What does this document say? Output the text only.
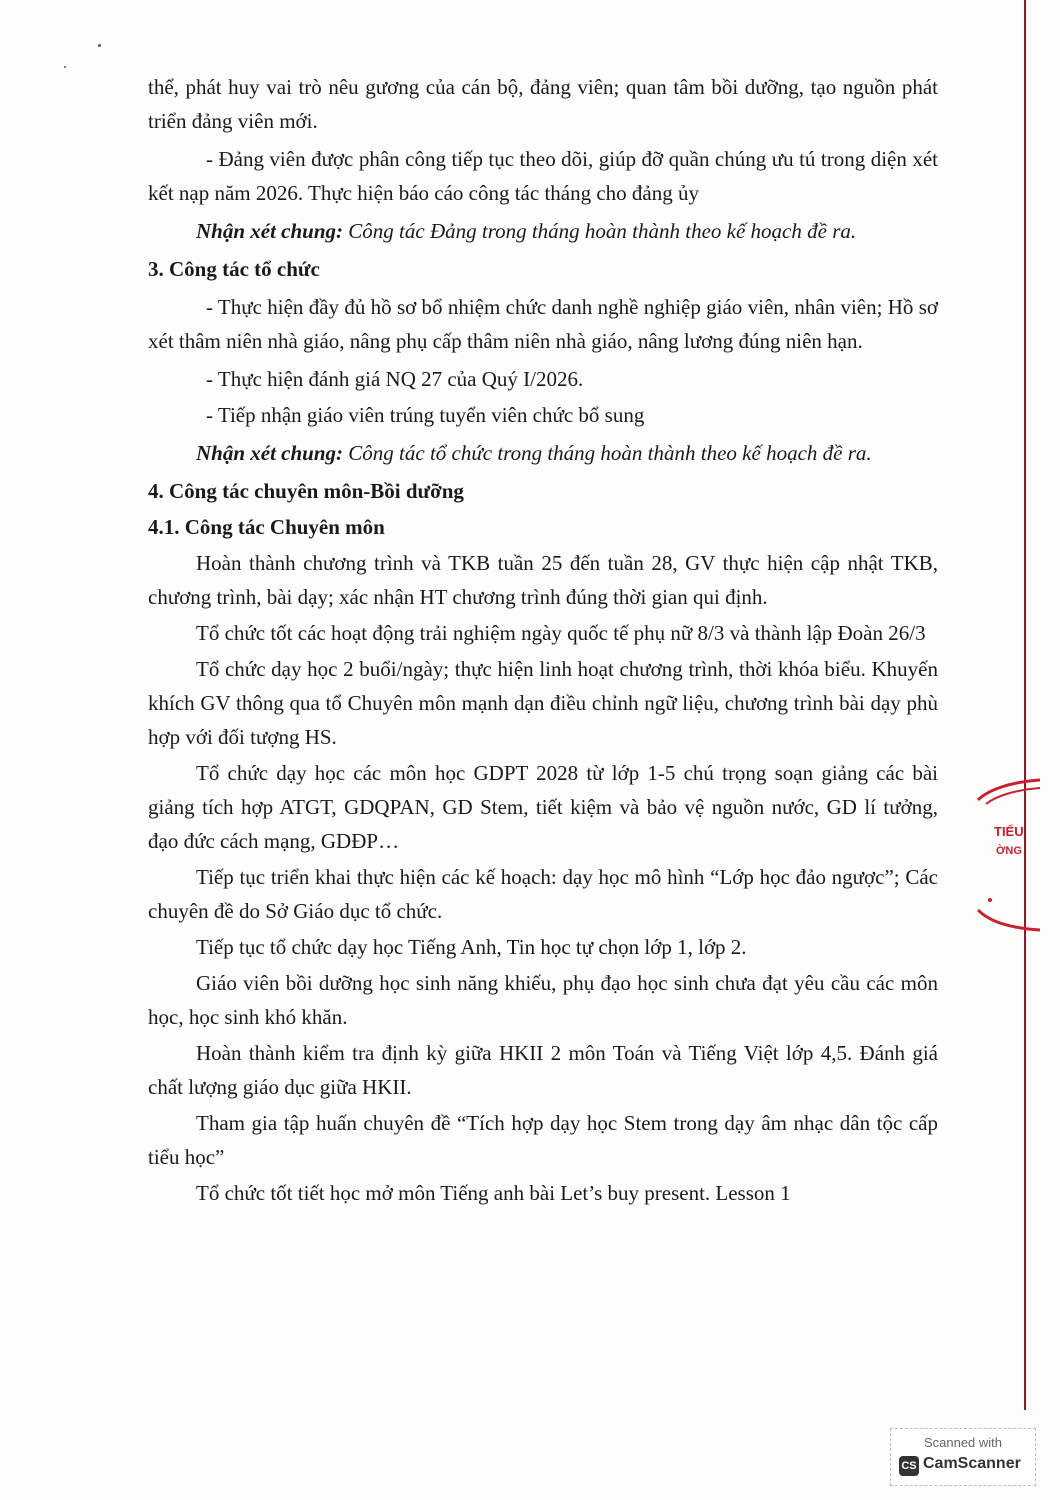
thể, phát huy vai trò nêu gương của cán bộ, đảng viên; quan tâm bồi dưỡng, tạo nguồn phát triển đảng viên mới.

- Đảng viên được phân công tiếp tục theo dõi, giúp đỡ quần chúng ưu tú trong diện xét kết nạp năm 2026. Thực hiện báo cáo công tác tháng cho đảng ủy

Nhận xét chung: Công tác Đảng trong tháng hoàn thành theo kế hoạch đề ra.

3. Công tác tổ chức

- Thực hiện đầy đủ hồ sơ bổ nhiệm chức danh nghề nghiệp giáo viên, nhân viên; Hồ sơ xét thâm niên nhà giáo, nâng phụ cấp thâm niên nhà giáo, nâng lương đúng niên hạn.

- Thực hiện đánh giá NQ 27 của Quý I/2026.

- Tiếp nhận giáo viên trúng tuyển viên chức bổ sung

Nhận xét chung: Công tác tổ chức trong tháng hoàn thành theo kế hoạch đề ra.

4. Công tác chuyên môn-Bồi dưỡng

4.1. Công tác Chuyên môn

Hoàn thành chương trình và TKB tuần 25 đến tuần 28, GV thực hiện cập nhật TKB, chương trình, bài dạy; xác nhận HT chương trình đúng thời gian qui định.

Tổ chức tốt các hoạt động trải nghiệm ngày quốc tế phụ nữ 8/3 và thành lập Đoàn 26/3

Tổ chức dạy học 2 buổi/ngày; thực hiện linh hoạt chương trình, thời khóa biểu. Khuyến khích GV thông qua tổ Chuyên môn mạnh dạn điều chỉnh ngữ liệu, chương trình bài dạy phù hợp với đối tượng HS.

Tổ chức dạy học các môn học GDPT 2028 từ lớp 1-5 chú trọng soạn giảng các bài giảng tích hợp ATGT, GDQPAN, GD Stem, tiết kiệm và bảo vệ nguồn nước, GD lí tưởng, đạo đức cách mạng, GDĐP…

Tiếp tục triển khai thực hiện các kế hoạch: dạy học mô hình “Lớp học đảo ngược”; Các chuyên đề do Sở Giáo dục tổ chức.

Tiếp tục tổ chức dạy học Tiếng Anh, Tin học tự chọn lớp 1, lớp 2.

Giáo viên bồi dưỡng học sinh năng khiếu, phụ đạo học sinh chưa đạt yêu cầu các môn học, học sinh khó khăn.

Hoàn thành kiểm tra định kỳ giữa HKII 2 môn Toán và Tiếng Việt lớp 4,5. Đánh giá chất lượng giáo dục giữa HKII.

Tham gia tập huấn chuyên đề “Tích hợp dạy học Stem trong dạy âm nhạc dân tộc cấp tiểu học”

Tổ chức tốt tiết học mở môn Tiếng anh bài Let’s buy present. Lesson 1

TIỂU
ỜNG
Scanned with
CS CamScanner
